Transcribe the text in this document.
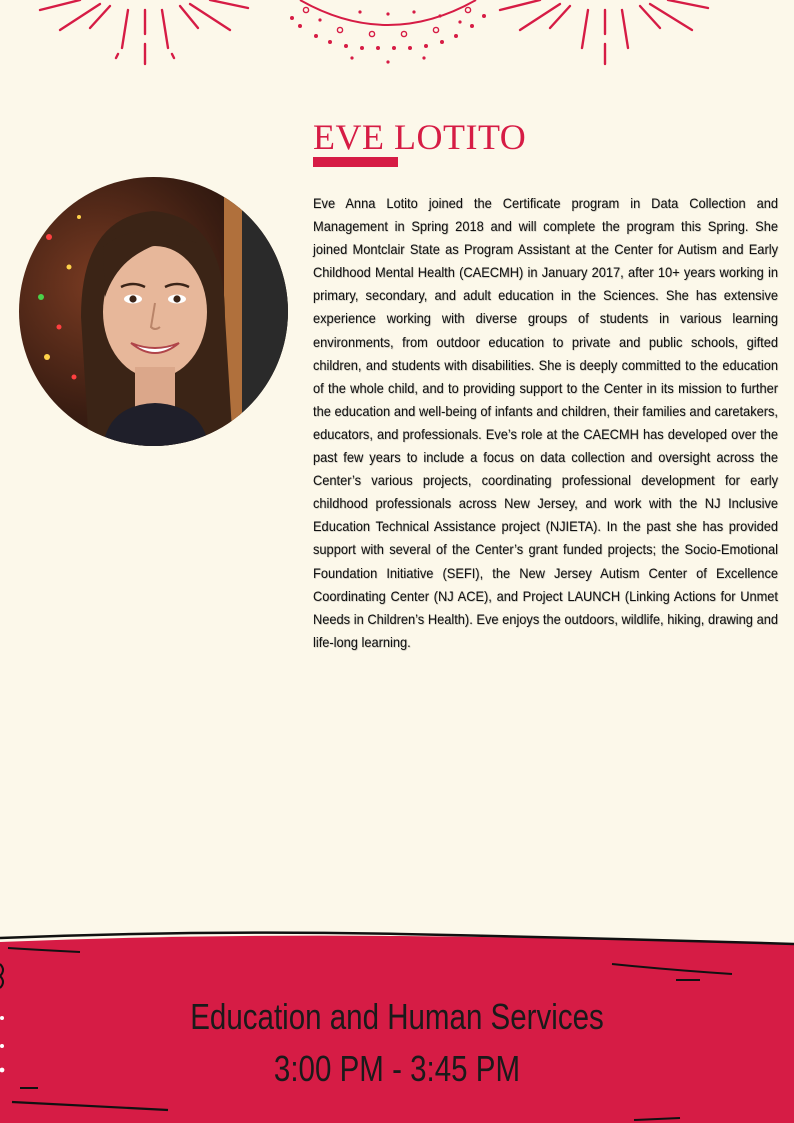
EVE LOTITO

Eve Anna Lotito joined the Certificate program in Data Collection and Management in Spring 2018 and will complete the program this Spring. She joined Montclair State as Program Assistant at the Center for Autism and Early Childhood Mental Health (CAECMH) in January 2017, after 10+ years working in primary, secondary, and adult education in the Sciences. She has extensive experience working with diverse groups of students in various learning environments, from outdoor education to private and public schools, gifted children, and students with disabilities. She is deeply committed to the education of the whole child, and to providing support to the Center in its mission to further the education and well-being of infants and children, their families and caretakers, educators, and professionals. Eve’s role at the CAECMH has developed over the past few years to include a focus on data collection and oversight across the Center’s various projects, coordinating professional development for early childhood professionals across New Jersey, and work with the NJ Inclusive Education Technical Assistance project (NJIETA). In the past she has provided support with several of the Center’s grant funded projects; the Socio-Emotional Foundation Initiative (SEFI), the New Jersey Autism Center of Excellence Coordinating Center (NJ ACE), and Project LAUNCH (Linking Actions for Unmet Needs in Children’s Health). Eve enjoys the outdoors, wildlife, hiking, drawing and life-long learning.

Education and Human Services
3:00 PM - 3:45 PM
